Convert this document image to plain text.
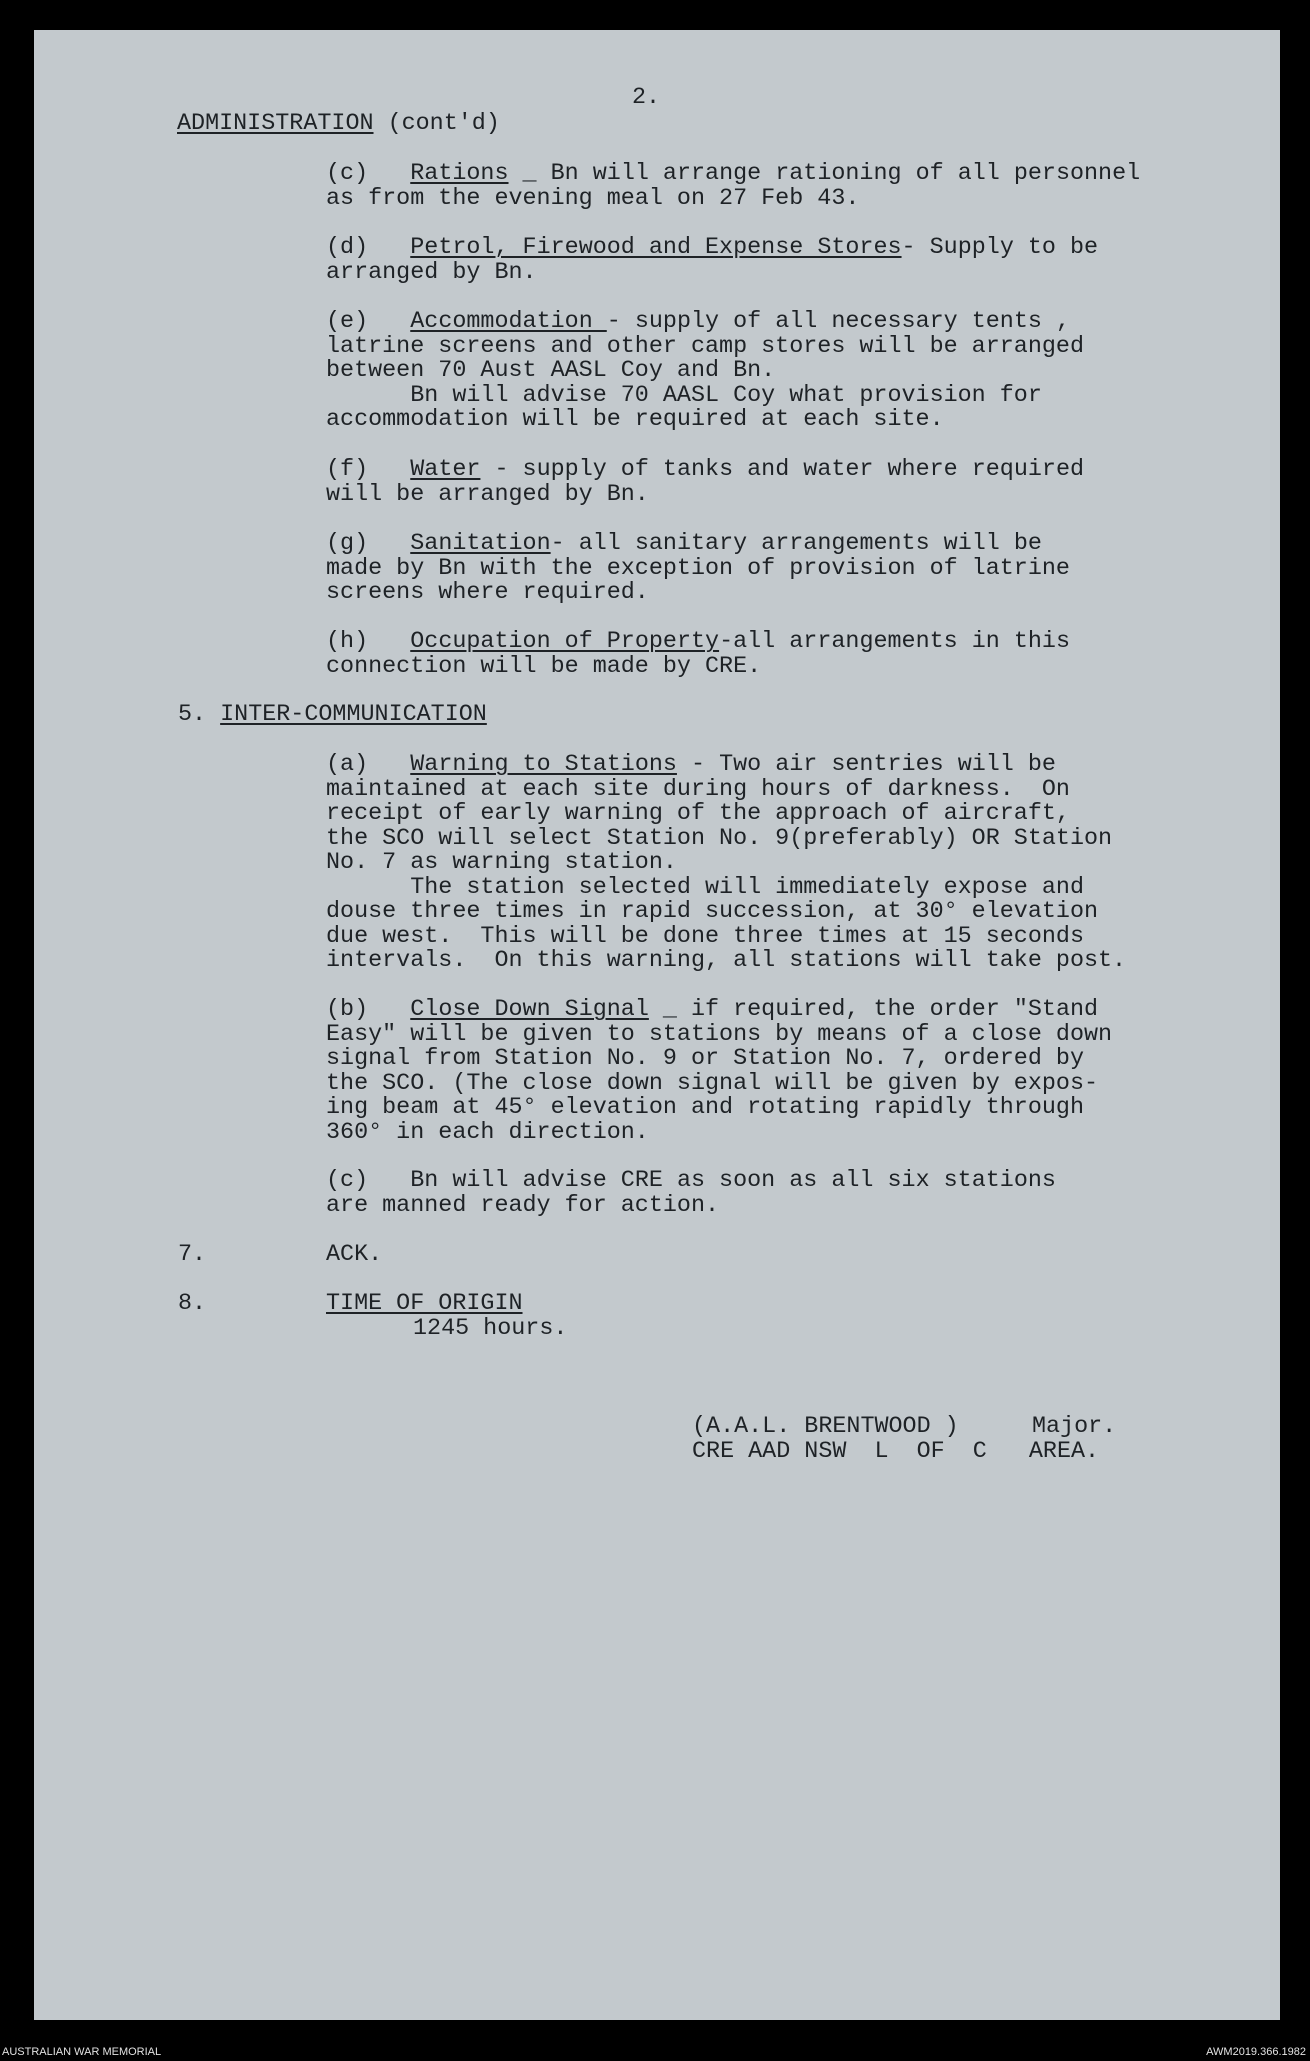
2.
ADMINISTRATION (cont'd)
(c) Rations _ Bn will arrange rationing of all personnel
as from the evening meal on 27 Feb 43.
(d) Petrol, Firewood and Expense Stores- Supply to be
arranged by Bn.
(e) Accommodation - supply of all necessary tents ,
latrine screens and other camp stores will be arranged
between 70 Aust AASL Coy and Bn.
Bn will advise 70 AASL Coy what provision for
accommodation will be required at each site.
(f) Water - supply of tanks and water where required
will be arranged by Bn.
(g) Sanitation- all sanitary arrangements will be
made by Bn with the exception of provision of latrine
screens where required.
(h) Occupation of Property-all arrangements in this
connection will be made by CRE.
5. INTER-COMMUNICATION
(a) Warning to Stations - Two air sentries will be
maintained at each site during hours of darkness.  On
receipt of early warning of the approach of aircraft,
the SCO will select Station No. 9(preferably) OR Station
No. 7 as warning station.
The station selected will immediately expose and
douse three times in rapid succession, at 30° elevation
due west.  This will be done three times at 15 seconds
intervals.  On this warning, all stations will take post.
(b) Close Down Signal _ if required, the order "Stand
Easy" will be given to stations by means of a close down
signal from Station No. 9 or Station No. 7, ordered by
the SCO. (The close down signal will be given by expos-
ing beam at 45° elevation and rotating rapidly through
360° in each direction.
(c) Bn will advise CRE as soon as all six stations
are manned ready for action.
7.	ACK.
8.	TIME OF ORIGIN
1245 hours.
(A.A.L. BRENTWOOD )	Major.
CRE AAD NSW  L  OF  C   AREA.
AUSTRALIAN WAR MEMORIAL	AWM2019.366.1982
